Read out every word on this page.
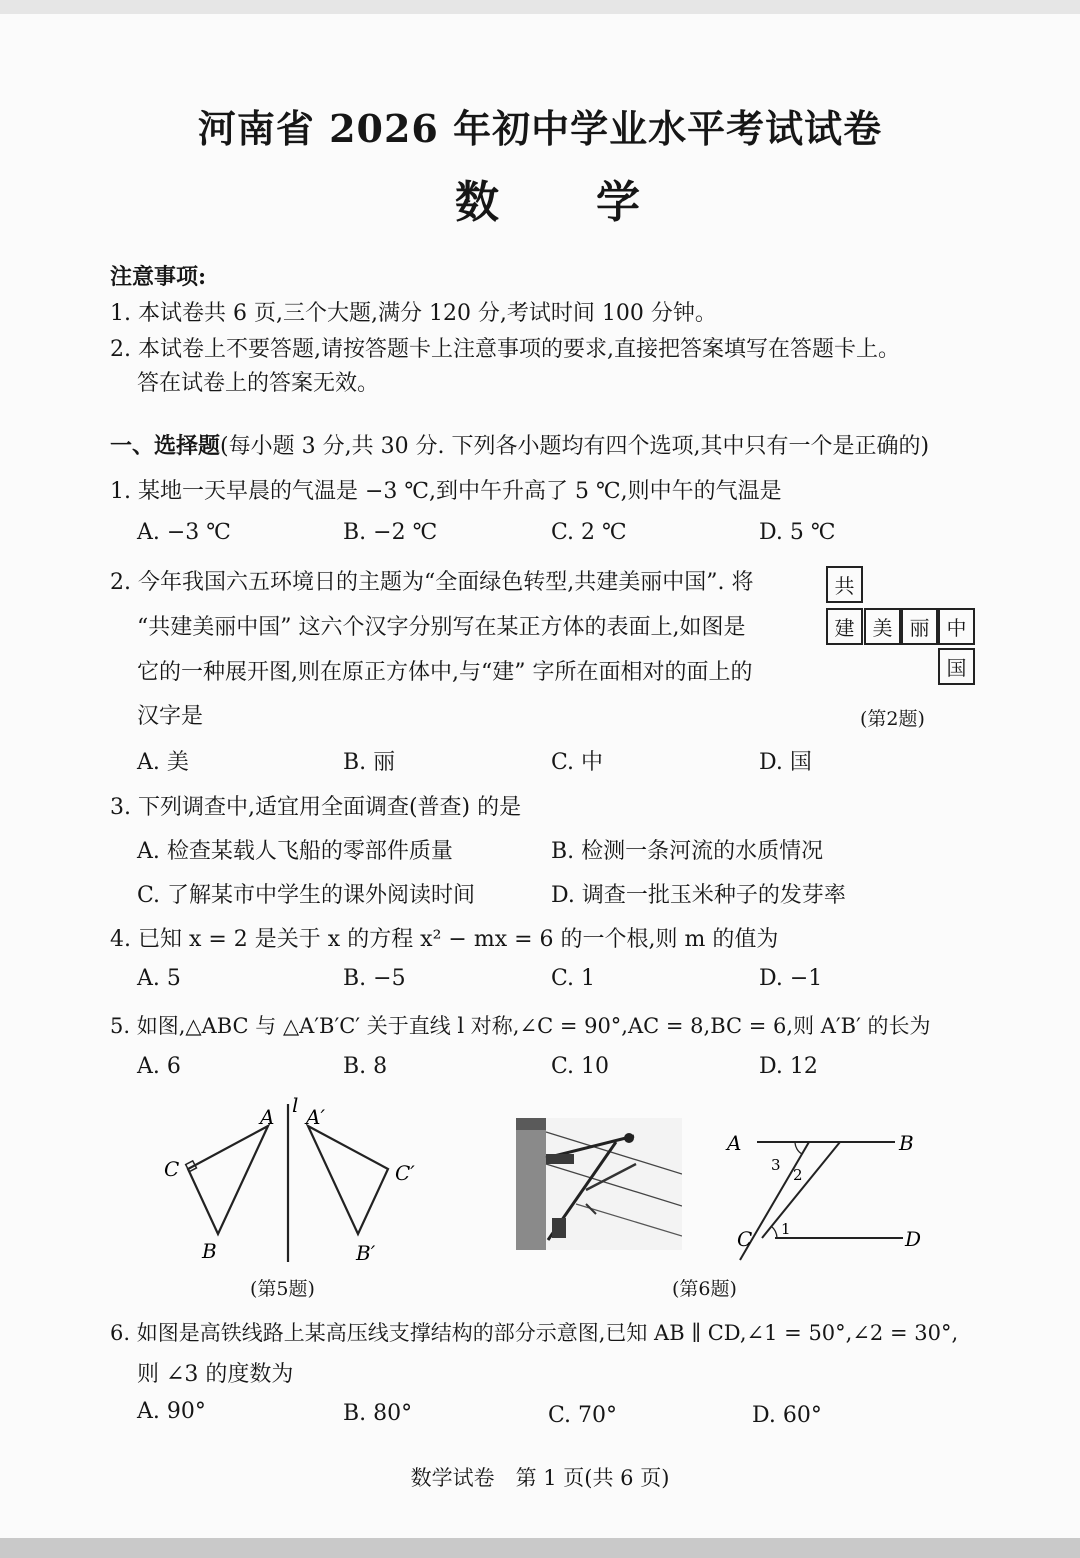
河南省 2026 年初中学业水平考试试卷
数 学
注意事项:
1. 本试卷共 6 页,三个大题,满分 120 分,考试时间 100 分钟。
2. 本试卷上不要答题,请按答题卡上注意事项的要求,直接把答案填写在答题卡上。
答在试卷上的答案无效。
一、选择题(每小题 3 分,共 30 分. 下列各小题均有四个选项,其中只有一个是正确的)
1. 某地一天早晨的气温是 −3 ℃,到中午升高了 5 ℃,则中午的气温是
A. −3 ℃	B. −2 ℃	C. 2 ℃	D. 5 ℃
2. 今年我国六五环境日的主题为“全面绿色转型,共建美丽中国”. 将
“共建美丽中国” 这六个汉字分别写在某正方体的表面上,如图是
它的一种展开图,则在原正方体中,与“建” 字所在面相对的面上的
汉字是
共
建 美 丽 中
国
(第2题)
A. 美	B. 丽	C. 中	D. 国
3. 下列调查中,适宜用全面调查(普查) 的是
A. 检查某载人飞船的零部件质量	B. 检测一条河流的水质情况
C. 了解某市中学生的课外阅读时间	D. 调查一批玉米种子的发芽率
4. 已知 x = 2 是关于 x 的方程 x² − mx = 6 的一个根,则 m 的值为
A. 5	B. −5	C. 1	D. −1
5. 如图,△ABC 与 △A′B′C′ 关于直线 l 对称,∠C = 90°,AC = 8,BC = 6,则 A′B′ 的长为
A. 6	B. 8	C. 10	D. 12
A
B
C
l A′
B′
C′
(第5题)
A	B
C	D
1
2
3
(第6题)
6. 如图是高铁线路上某高压线支撑结构的部分示意图,已知 AB ∥ CD,∠1 = 50°,∠2 = 30°,
则 ∠3 的度数为
A. 90°	B. 80°	C. 70°	D. 60°
数学试卷　第 1 页(共 6 页)
